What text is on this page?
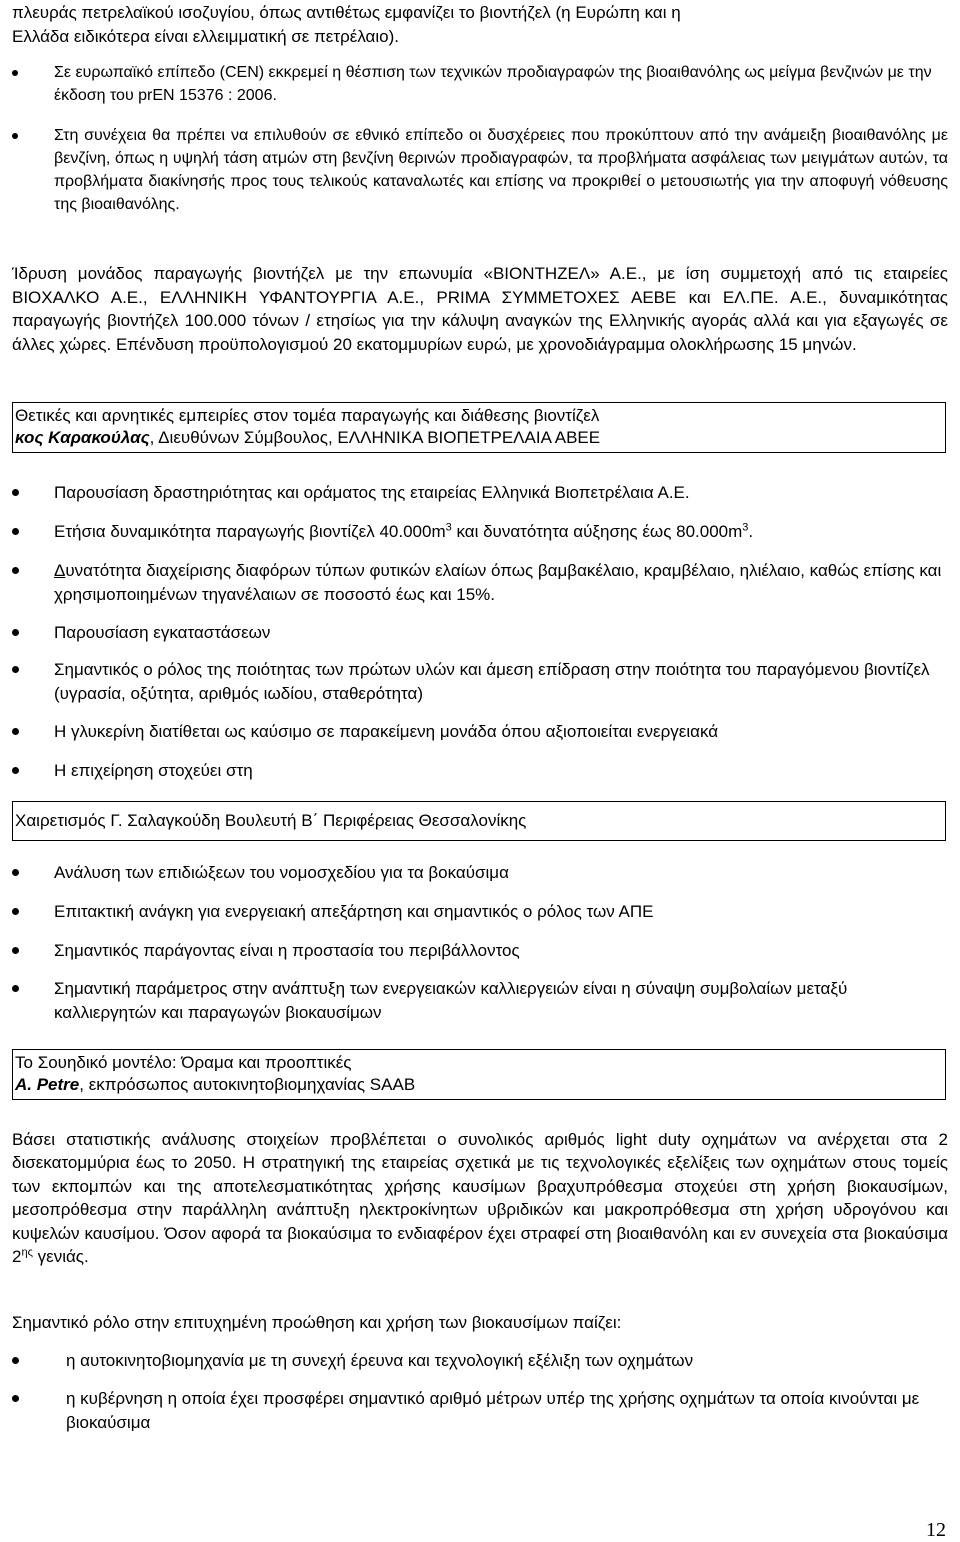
πλευράς πετρελαϊκού ισοζυγίου, όπως αντιθέτως εμφανίζει το βιοντήζελ (η Ευρώπη και η
Ελλάδα ειδικότερα είναι ελλειμματική σε πετρέλαιο).
Σε ευρωπαϊκό επίπεδο (CEN) εκκρεμεί η θέσπιση των τεχνικών προδιαγραφών της βιοαιθανόλης ως μείγμα βενζινών με την έκδοση του prEN 15376 : 2006.
Στη συνέχεια θα πρέπει να επιλυθούν σε εθνικό επίπεδο οι δυσχέρειες που προκύπτουν από την ανάμειξη βιοαιθανόλης με βενζίνη, όπως η υψηλή τάση ατμών στη βενζίνη θερινών προδιαγραφών, τα προβλήματα ασφάλειας των μειγμάτων αυτών, τα προβλήματα διακίνησής προς τους τελικούς καταναλωτές και επίσης να προκριθεί ο μετουσιωτής για την αποφυγή νόθευσης της βιοαιθανόλης.
Ίδρυση μονάδος παραγωγής βιοντήζελ με την επωνυμία «ΒΙΟΝΤΗΖΕΛ» Α.Ε., με ίση συμμετοχή από τις εταιρείες ΒΙΟΧΑΛΚΟ Α.Ε., ΕΛΛΗΝΙΚΗ ΥΦΑΝΤΟΥΡΓΙΑ Α.Ε., PRIMA ΣΥΜΜΕΤΟΧΕΣ ΑΕΒΕ και ΕΛ.ΠΕ. Α.Ε., δυναμικότητας παραγωγής βιοντήζελ 100.000 τόνων / ετησίως για την κάλυψη αναγκών της Ελληνικής αγοράς αλλά και για εξαγωγές σε άλλες χώρες. Επένδυση προϋπολογισμού 20 εκατομμυρίων ευρώ, με χρονοδιάγραμμα ολοκλήρωσης 15 μηνών.
Θετικές και αρνητικές εμπειρίες στον τομέα παραγωγής και διάθεσης βιοντίζελ
κος Καρακούλας, Διευθύνων Σύμβουλος, ΕΛΛΗΝΙΚΑ ΒΙΟΠΕΤΡΕΛΑΙΑ ΑΒΕΕ
Παρουσίαση δραστηριότητας και οράματος της εταιρείας Ελληνικά Βιοπετρέλαια Α.Ε.
Ετήσια δυναμικότητα παραγωγής βιοντίζελ $40.000m^3$ και δυνατότητα αύξησης έως $80.000m^3$.
Δυνατότητα διαχείρισης διαφόρων τύπων φυτικών ελαίων όπως βαμβακέλαιο, κραμβέλαιο, ηλιέλαιο, καθώς επίσης και χρησιμοποιημένων τηγανέλαιων σε ποσοστό έως και 15%.
Παρουσίαση εγκαταστάσεων
Σημαντικός ο ρόλος της ποιότητας των πρώτων υλών και άμεση επίδραση στην ποιότητα του παραγόμενου βιοντίζελ (υγρασία, οξύτητα, αριθμός ιωδίου, σταθερότητα)
Η γλυκερίνη διατίθεται ως καύσιμο σε παρακείμενη μονάδα όπου αξιοποιείται ενεργειακά
Η επιχείρηση στοχεύει στη
Χαιρετισμός Γ. Σαλαγκούδη Βουλευτή Β΄ Περιφέρειας Θεσσαλονίκης
Ανάλυση των επιδιώξεων του νομοσχεδίου για τα βοκαύσιμα
Επιτακτική ανάγκη για ενεργειακή απεξάρτηση και σημαντικός ο ρόλος των ΑΠΕ
Σημαντικός παράγοντας είναι η προστασία του περιβάλλοντος
Σημαντική παράμετρος στην ανάπτυξη των ενεργειακών καλλιεργειών είναι η σύναψη συμβολαίων μεταξύ καλλιεργητών και παραγωγών βιοκαυσίμων
Το Σουηδικό μοντέλο: Όραμα και προοπτικές
A. Petre, εκπρόσωπος αυτοκινητοβιομηχανίας SAAB
Βάσει στατιστικής ανάλυσης στοιχείων προβλέπεται ο συνολικός αριθμός light duty οχημάτων να ανέρχεται στα 2 δισεκατομμύρια έως το 2050. Η στρατηγική της εταιρείας σχετικά με τις τεχνολογικές εξελίξεις των οχημάτων στους τομείς των εκπομπών και της αποτελεσματικότητας χρήσης καυσίμων βραχυπρόθεσμα στοχεύει στη χρήση βιοκαυσίμων, μεσοπρόθεσμα στην παράλληλη ανάπτυξη ηλεκτροκίνητων υβριδικών και μακροπρόθεσμα στη χρήση υδρογόνου και κυψελών καυσίμου. Όσον αφορά τα βιοκαύσιμα το ενδιαφέρον έχει στραφεί στη βιοαιθανόλη και εν συνεχεία στα βιοκαύσιμα $2^{\eta\varsigma}$ γενιάς.
Σημαντικό ρόλο στην επιτυχημένη προώθηση και χρήση των βιοκαυσίμων παίζει:
η αυτοκινητοβιομηχανία με τη συνεχή έρευνα και τεχνολογική εξέλιξη των οχημάτων
η κυβέρνηση η οποία έχει προσφέρει σημαντικό αριθμό μέτρων υπέρ της χρήσης οχημάτων τα οποία κινούνται με βιοκαύσιμα
12
